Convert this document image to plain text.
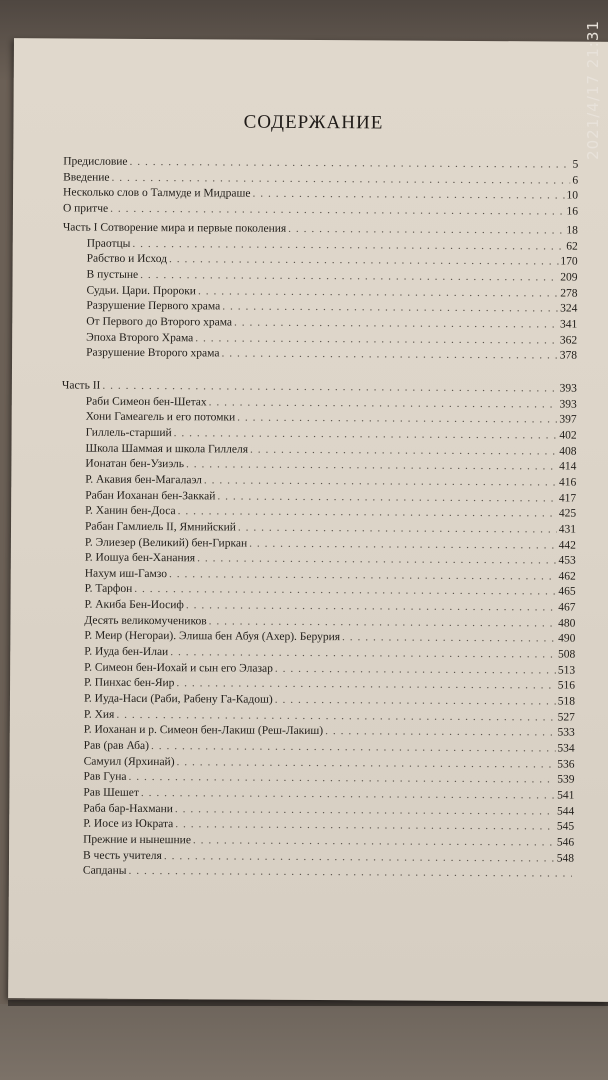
СОДЕРЖАНИЕ
Предисловие . . .	5
Введение . . .	6
Несколько слов о Талмуде и Мидраше . . .	10
О притче . . .	16
Часть I Сотворение мира и первые поколения . . .	18
Праотцы . . .	62
Рабство и Исход . . .	170
В пустыне . . .	209
Судьи. Цари. Пророки . . .	278
Разрушение Первого храма . . .	324
От Первого до Второго храма . . .	341
Эпоха Второго Храма . . .	362
Разрушение Второго храма . . .	378
Часть II . . .	393
Раби Симеон бен-Шетах . . .	393
Хони Гамеагель и его потомки . . .	397
Гиллель-старший . . .	402
Школа Шаммая и школа Гиллеля . . .	408
Ионатан бен-Узиэль . . .	414
Р. Акавия бен-Магалаэл . . .	416
Рабан Иоханан бен-Заккай . . .	417
Р. Ханин бен-Доса . . .	425
Рабан Гамлиель II, Ямнийский . . .	431
Р. Элиезер (Великий) бен-Гиркан . . .	442
Р. Иошуа бен-Ханания . . .	453
Нахум иш-Гамзо . . .	462
Р. Тарфон . . .	465
Р. Акиба Бен-Иосиф . . .	467
Десять великомучеников . . .	480
Р. Меир (Негораи). Элиша бен Абуя (Ахер). Берурия . . .	490
Р. Иуда бен-Илаи . . .	508
Р. Симеон бен-Иохай и сын его Элазар . . .	513
Р. Пинхас бен-Яир . . .	516
Р. Иуда-Наси (Раби, Рабену Га-Кадош) . . .	518
Р. Хия . . .	527
Р. Иоханан и р. Симеон бен-Лакиш (Реш-Лакиш) . . .	533
Рав (рав Аба) . . .	534
Самуил (Ярхинай) . . .	536
Рав Гуна . . .	539
Рав Шешет . . .	541
Раба бар-Нахмани . . .	544
Р. Иосе из Юкрата . . .	545
Прежние и нынешние . . .	546
В честь учителя . . .	548
Сапданы
. . .
2021/4/17 21:31
